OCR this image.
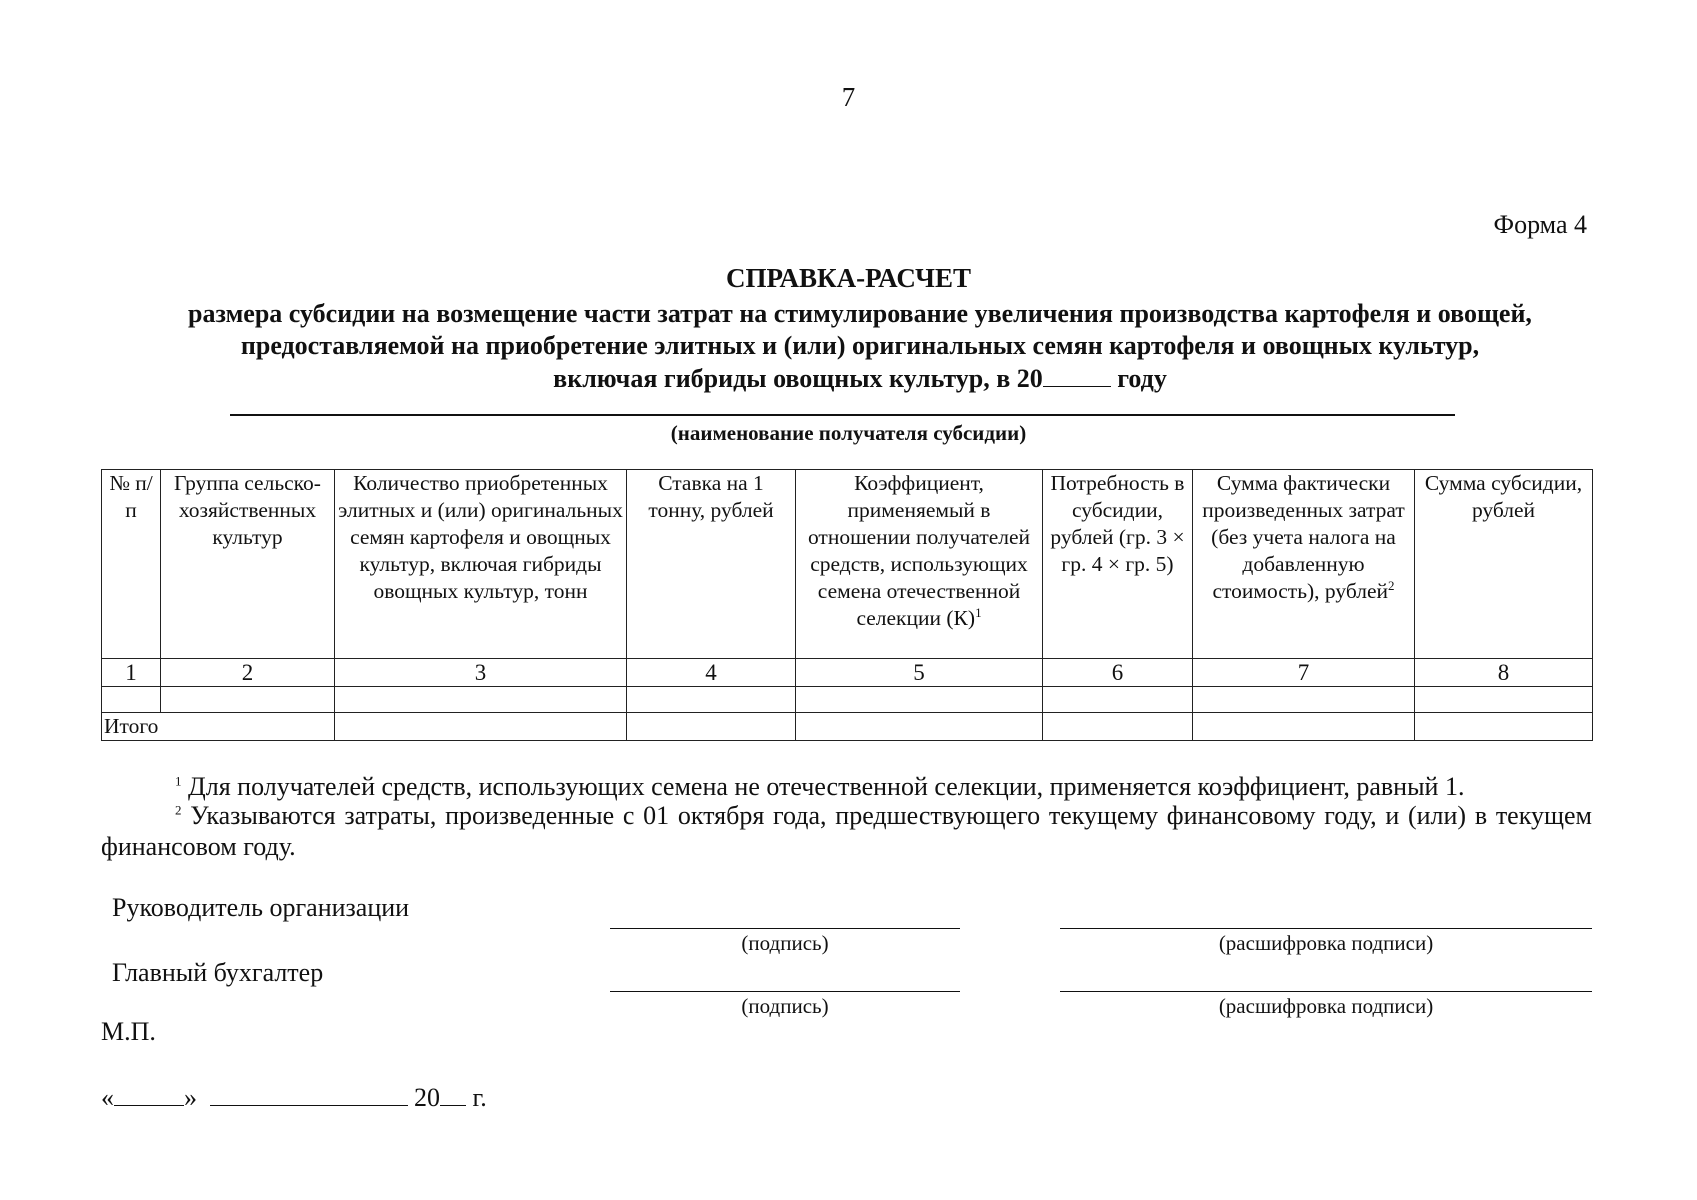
7
Форма 4
СПРАВКА-РАСЧЕТ
размера субсидии на возмещение части затрат на стимулирование увеличения производства картофеля и овощей,
предоставляемой на приобретение элитных и (или) оригинальных семян картофеля и овощных культур,
включая гибриды овощных культур, в 20	году
(наименование получателя субсидии)
№ п/п	Группа сельско-хозяйственных культур	Количество приобретенных элитных и (или) оригинальных семян картофеля и овощных культур, включая гибриды овощных культур, тонн	Ставка на 1 тонну, рублей	Коэффициент, применяемый в отношении получателей средств, использующих семена отечественной селекции $(К)^1$	Потребность в субсидии, рублей (гр. 3 × гр. 4 × гр. 5)	Сумма фактически произведенных затрат (без учета налога на добавленную стоимость), рублей$^2$	Сумма субсидии, рублей
1	2	3	4	5	6	7	8

Итого							
$^1$ Для получателей средств, использующих семена не отечественной селекции, применяется коэффициент, равный 1.
$^2$ Указываются затраты, произведенные с 01 октября года, предшествующего текущему финансовому году, и (или) в текущем финансовом году.
Руководитель организации
(подпись)	(расшифровка подписи)
Главный бухгалтер
(подпись)	(расшифровка подписи)
М.П.
«	»	20 г.
